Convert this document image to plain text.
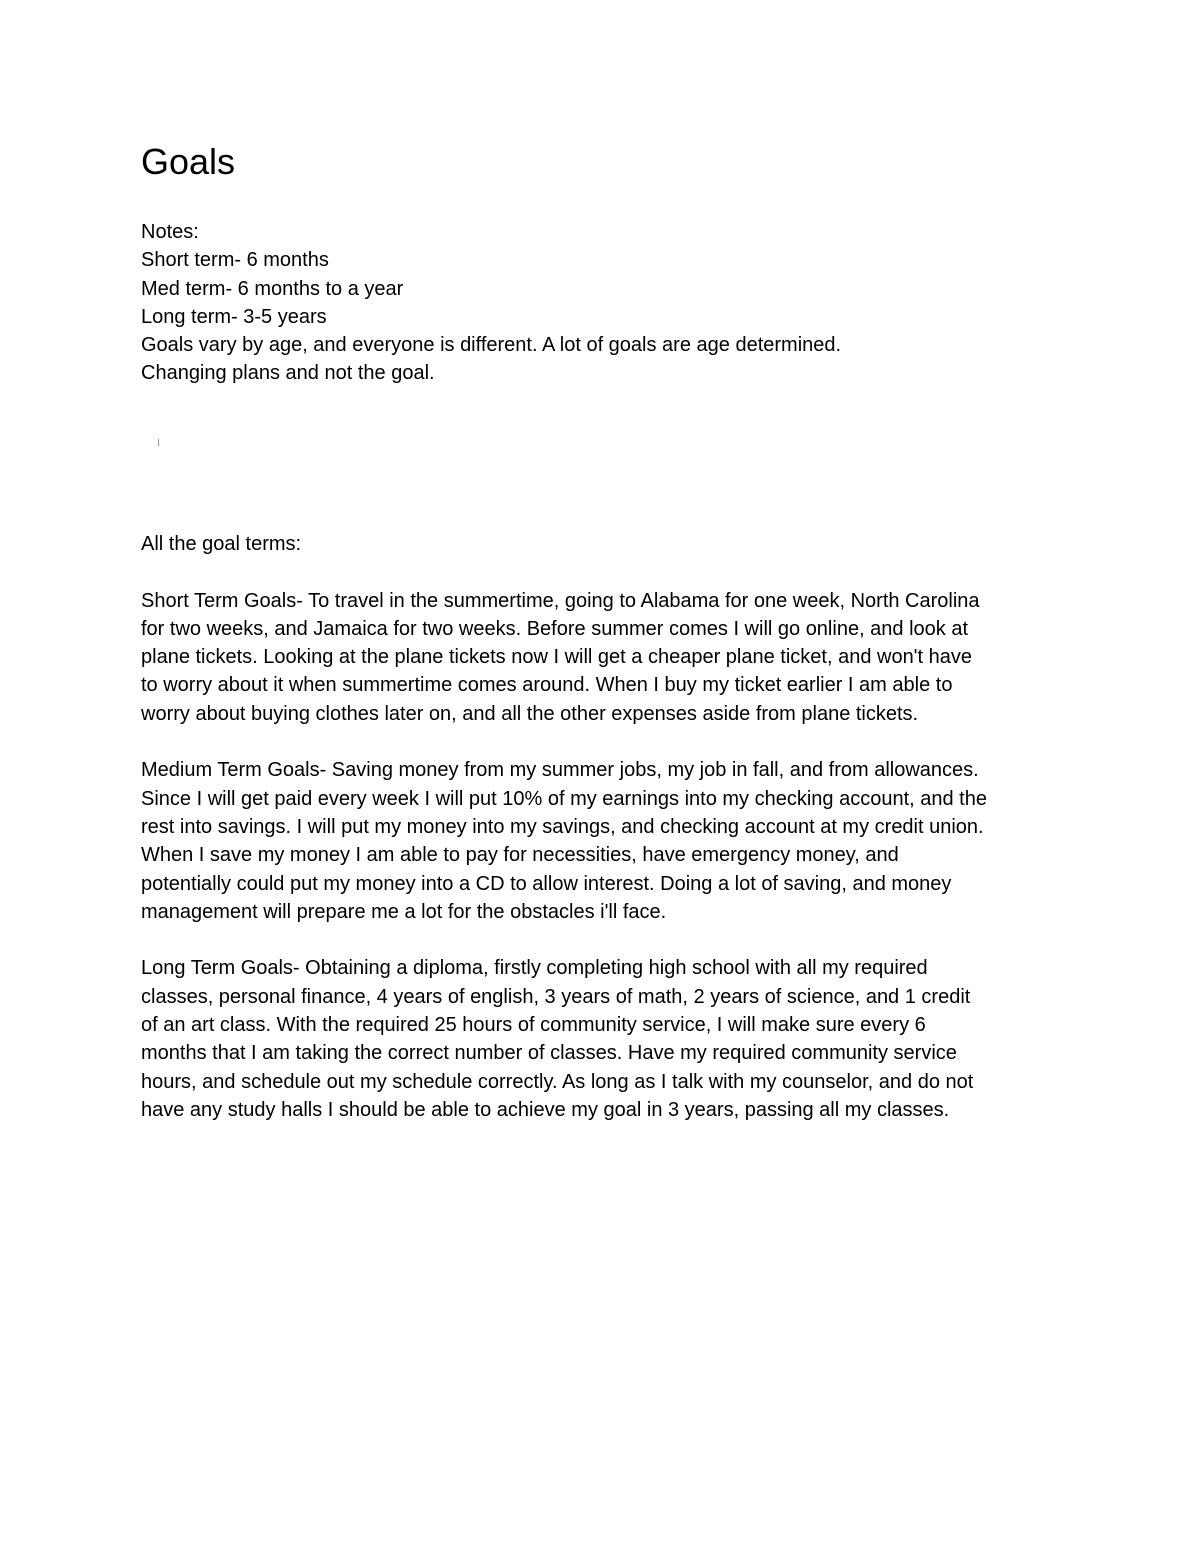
Goals
Notes:
Short term- 6 months
Med term- 6 months to a year
Long term- 3-5 years
Goals vary by age, and everyone is different. A lot of goals are age determined.
Changing plans and not the goal.

All the goal terms:

Short Term Goals- To travel in the summertime, going to Alabama for one week, North Carolina
for two weeks, and Jamaica for two weeks. Before summer comes I will go online, and look at
plane tickets. Looking at the plane tickets now I will get a cheaper plane ticket, and won't have
to worry about it when summertime comes around. When I buy my ticket earlier I am able to
worry about buying clothes later on, and all the other expenses aside from plane tickets.

Medium Term Goals- Saving money from my summer jobs, my job in fall, and from allowances.
Since I will get paid every week I will put 10% of my earnings into my checking account, and the
rest into savings. I will put my money into my savings, and checking account at my credit union.
When I save my money I am able to pay for necessities, have emergency money, and
potentially could put my money into a CD to allow interest. Doing a lot of saving, and money
management will prepare me a lot for the obstacles i'll face.

Long Term Goals- Obtaining a diploma, firstly completing high school with all my required
classes, personal finance, 4 years of english, 3 years of math, 2 years of science, and 1 credit
of an art class. With the required 25 hours of community service, I will make sure every 6
months that I am taking the correct number of classes. Have my required community service
hours, and schedule out my schedule correctly. As long as I talk with my counselor, and do not
have any study halls I should be able to achieve my goal in 3 years, passing all my classes.
